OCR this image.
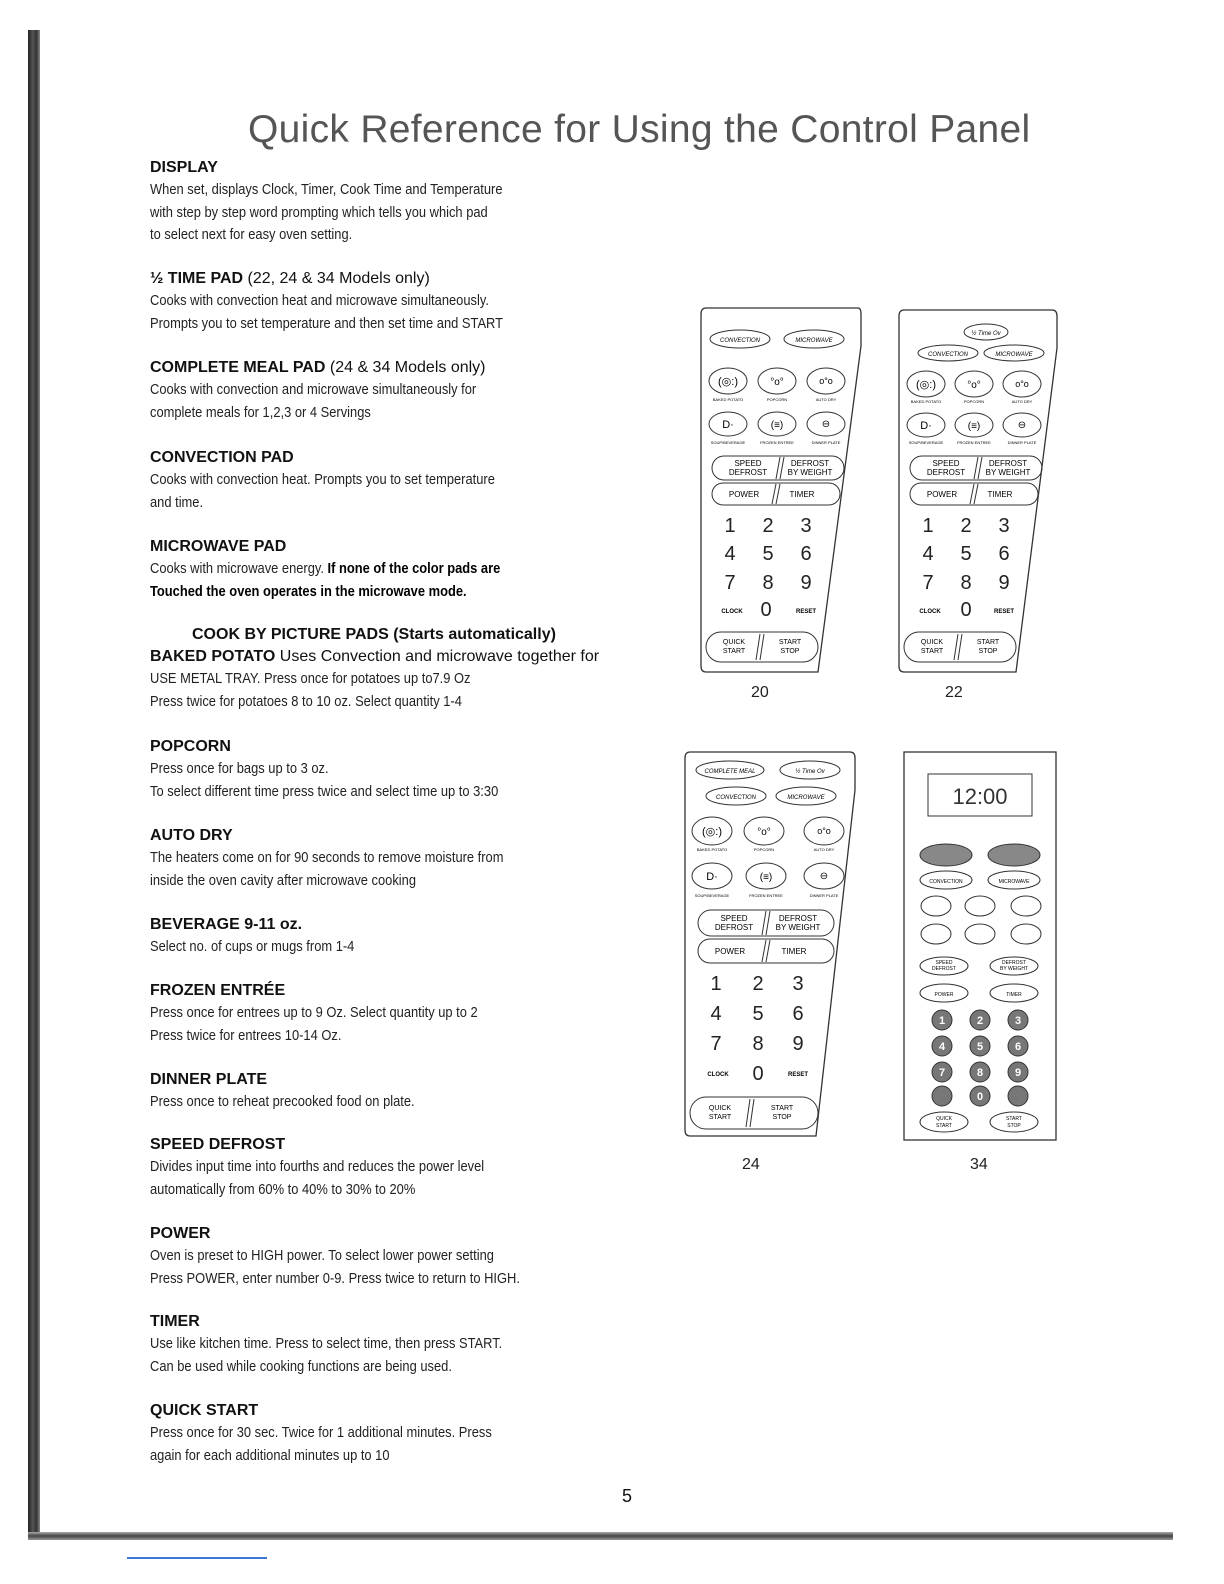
Quick Reference for Using the Control Panel
DISPLAY
When set, displays Clock, Timer, Cook Time and Temperature
with step by step word prompting which tells you which pad
to select next for easy oven setting.
½ TIME PAD (22, 24 & 34 Models only)
Cooks with convection heat and microwave simultaneously.
Prompts you to set temperature and then set time and START
COMPLETE MEAL PAD (24 & 34 Models only)
Cooks with convection and microwave simultaneously for
complete meals for 1,2,3 or 4 Servings
CONVECTION PAD
Cooks with convection heat. Prompts you to set temperature
and time.
MICROWAVE PAD
Cooks with microwave energy. If none of the color pads are
Touched the oven operates in the microwave mode.
COOK BY PICTURE PADS (Starts automatically)
BAKED POTATO Uses Convection and microwave together for
USE METAL TRAY. Press once for potatoes up to7.9 Oz
Press twice for potatoes 8 to 10 oz. Select quantity 1-4
POPCORN
Press once for bags up to 3 oz.
To select different time press twice and select time up to 3:30
AUTO DRY
The heaters come on for 90 seconds to remove moisture from
inside the oven cavity after microwave cooking
BEVERAGE 9-11 oz.
Select no. of cups or mugs from 1-4
FROZEN ENTRÉE
Press once for entrees up to 9 Oz. Select quantity up to 2
Press twice for entrees 10-14 Oz.
DINNER PLATE
Press once to reheat precooked food on plate.
SPEED DEFROST
Divides input time into fourths and reduces the power level
automatically from 60% to 40% to 30% to 20%
POWER
Oven is preset to HIGH power. To select lower power setting
Press POWER, enter number 0-9. Press twice to return to HIGH.
TIMER
Use like kitchen time. Press to select time, then press START.
Can be used while cooking functions are being used.
QUICK START
Press once for 30 sec. Twice for 1 additional minutes. Press
again for each additional minutes up to 10
CONVECTION	MICROWAVE
(◎:)	°o°	o°o
BAKED POTATO	POPCORN	AUTO DRY
D·	(≡)	⊖
SOUP/BEVERAGE	FROZEN ENTREE	DINNER PLATE
SPEED
DEFROST
DEFROST
BY WEIGHT
POWER	TIMER
1 2 3
4 5 6
7 8 9
0
CLOCK	RESET
QUICK
START
START
STOP
20
½ Time Ov
CONVECTION	MICROWAVE
(◎:)	°o°	o°o
BAKED POTATO	POPCORN	AUTO DRY
D·	(≡)	⊖
SOUP/BEVERAGE	FROZEN ENTREE	DINNER PLATE
SPEED
DEFROST
DEFROST
BY WEIGHT
POWER	TIMER
1 2 3
4 5 6
7 8 9
0
CLOCK	RESET
QUICK
START
START
STOP
22
COMPLETE MEAL	½ Time Ov
CONVECTION	MICROWAVE
(◎:)	°o°	o°o
BAKED POTATO	POPCORN	AUTO DRY
D·	(≡)	⊖
SOUP/BEVERAGE	FROZEN ENTREE	DINNER PLATE
SPEED
DEFROST
DEFROST
BY WEIGHT
POWER	TIMER
1 2 3
4 5 6
7 8 9
0
CLOCK	RESET
QUICK
START
START
STOP
24
12:00
CONVECTION	MICROWAVE
SPEED
DEFROST
DEFROST
BY WEIGHT
POWER	TIMER
1	2	3
4	5	6
7	8	9
0
QUICK
START
START
STOP
34
5
